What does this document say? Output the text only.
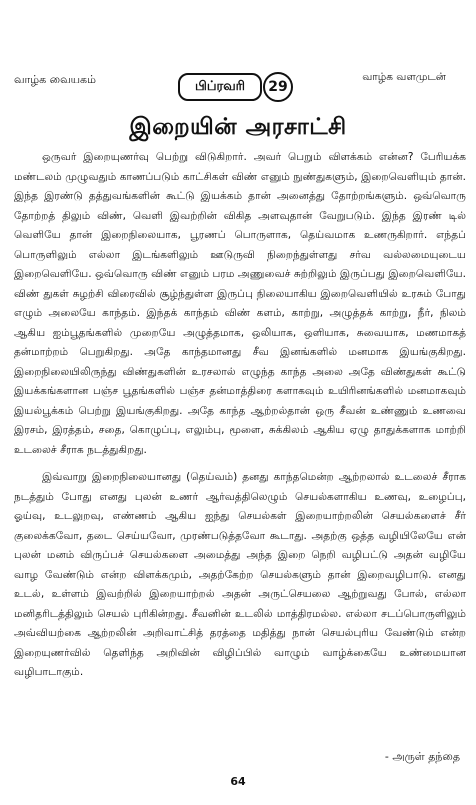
வாழ்க வையகம்	பிப்ரவரி 29
வாழ்க வளமுடன்
இறையின் அரசாட்சி

ஒருவர் இறையுணர்வு பெற்று விடுகிறார். அவர் பெறும் விளக்கம் என்ன? பேரியக்க மண்டலம் முழுவதும் காணப்படும் காட்சிகள் விண் எனும் நுண்துகளும், இறைவெளியும் தான். இந்த இரண்டு தத்துவங்களின் கூட்டு இயக்கம் தான் அனைத்து தோற்றங்களும். ஒவ்வொரு தோற்றத் திலும் விண், வெளி இவற்றின் விகித அளவுதான் வேறுபடும். இந்த இரண் டில் வெளியே தான் இறைநிலையாக, பூரணப் பொருளாக, தெய்வமாக உணருகிறார். எந்தப் பொருளிலும் எல்லா இடங்களிலும் ஊடுருவி நிறைந்துள்ளது சர்வ வல்லமையுடைய இறைவெளியே. ஒவ்வொரு விண் எனும் பரம அணுவைச் சுற்றிலும் இருப்பது இறைவெளியே. விண் துகள் சுழற்சி விரைவில் சூழ்ந்துள்ள இருப்பு நிலையாகிய இறைவெளியில் உரசும் போது எழும் அலையே காந்தம். இந்தக் காந்தம் விண் களம், காற்று, அழுத்தக் காற்று, நீர், நிலம் ஆகிய ஐம்பூதங்களில் முறையே அழுத்தமாக, ஒலியாக, ஒளியாக, சுவையாக, மணமாகத் தன்மாற்றம் பெறுகிறது. அதே காந்தமானது சீவ இனங்களில் மனமாக இயங்குகிறது. இறைநிலையிலிருந்து விண்துகளின் உரசலால் எழுந்த காந்த அலை அதே விண்துகள் கூட்டு இயக்கங்களான பஞ்ச பூதங்களில் பஞ்ச தன்மாத்திரை களாகவும் உயிரினங்களில் மனமாகவும் இயல்பூக்கம் பெற்று இயங்குகிறது. அதே காந்த ஆற்றல்தான் ஒரு சீவன் உண்ணும் உணவை இரசம், இரத்தம், சதை, கொழுப்பு, எலும்பு, மூளை, சுக்கிலம் ஆகிய ஏழு தாதுக்களாக மாற்றி உடலைச் சீராக நடத்துகிறது.

இவ்வாறு இறைநிலையானது (தெய்வம்) தனது காந்தமென்ற ஆற்றலால் உடலைச் சீராக நடத்தும் போது எனது புலன் உணர் ஆர்வத்திலெழும் செயல்களாகிய உணவு, உழைப்பு, ஓய்வு, உடலுறவு, எண்ணம் ஆகிய ஐந்து செயல்கள் இறையாற்றலின் செயல்களைச் சீர் குலைக்கவோ, தடை செய்யவோ, முரண்படுத்தவோ கூடாது. அதற்கு ஒத்த வழியிலேயே என் புலன் மனம் விருப்பச் செயல்களை அமைத்து அந்த இறை நெறி வழிபட்டு அதன் வழியே வாழ வேண்டும் என்ற விளக்கமும், அதற்கேற்ற செயல்களும் தான் இறைவழிபாடு. எனது உடல், உள்ளம் இவற்றில் இறையாற்றல் அதன் அருட்செயலை ஆற்றுவது போல், எல்லா மனிதரிடத்திலும் செயல் புரிகின்றது. சீவனின் உடலில் மாத்திரமல்ல. எல்லா சடப்பொருளிலும் அவ்வியற்கை ஆற்றலின் அறிவாட்சித் தரத்தை மதித்து நான் செயல்புரிய வேண்டும் என்ற இறையுணர்வில் தெளிந்த அறிவின் விழிப்பில் வாழும் வாழ்க்கையே உண்மையான வழிபாடாகும்.

- அருள் தந்தை
64
